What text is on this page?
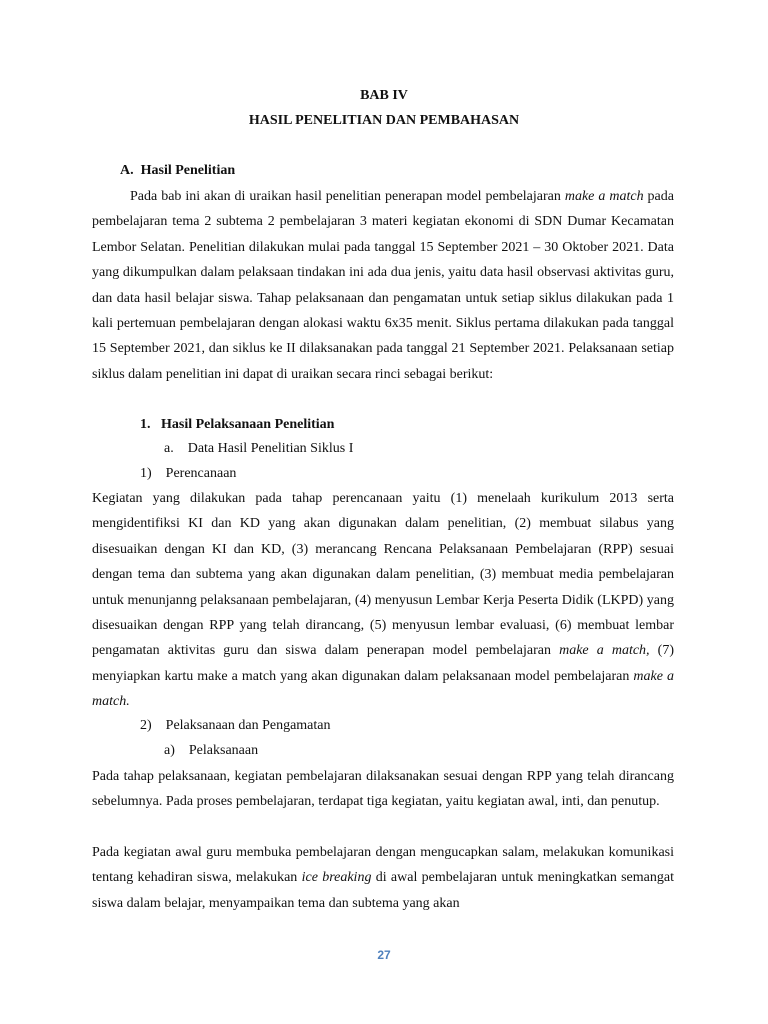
BAB IV
HASIL PENELITIAN DAN PEMBAHASAN
A. Hasil Penelitian

Pada bab ini akan di uraikan hasil penelitian penerapan model pembelajaran make a match pada pembelajaran tema 2 subtema 2 pembelajaran 3 materi kegiatan ekonomi di SDN Dumar Kecamatan Lembor Selatan. Penelitian dilakukan mulai pada tanggal 15 September 2021 – 30 Oktober 2021. Data yang dikumpulkan dalam pelaksaan tindakan ini ada dua jenis, yaitu data hasil observasi aktivitas guru, dan data hasil belajar siswa. Tahap pelaksanaan dan pengamatan untuk setiap siklus dilakukan pada 1 kali pertemuan pembelajaran dengan alokasi waktu 6x35 menit. Siklus pertama dilakukan pada tanggal 15 September 2021, dan siklus ke II dilaksanakan pada tanggal 21 September 2021. Pelaksanaan setiap siklus dalam penelitian ini dapat di uraikan secara rinci sebagai berikut:

1. Hasil Pelaksanaan Penelitian
a. Data Hasil Penelitian Siklus I
1) Perencanaan

Kegiatan yang dilakukan pada tahap perencanaan yaitu (1) menelaah kurikulum 2013 serta mengidentifiksi KI dan KD yang akan digunakan dalam penelitian, (2) membuat silabus yang disesuaikan dengan KI dan KD, (3) merancang Rencana Pelaksanaan Pembelajaran (RPP) sesuai dengan tema dan subtema yang akan digunakan dalam penelitian, (3) membuat media pembelajaran untuk menunjanng pelaksanaan pembelajaran, (4) menyusun Lembar Kerja Peserta Didik (LKPD) yang disesuaikan dengan RPP yang telah dirancang, (5) menyusun lembar evaluasi, (6) membuat lembar pengamatan aktivitas guru dan siswa dalam penerapan model pembelajaran make a match, (7) menyiapkan kartu make a match yang akan digunakan dalam pelaksanaan model pembelajaran make a match.

2) Pelaksanaan dan Pengamatan
a) Pelaksanaan

Pada tahap pelaksanaan, kegiatan pembelajaran dilaksanakan sesuai dengan RPP yang telah dirancang sebelumnya. Pada proses pembelajaran, terdapat tiga kegiatan, yaitu kegiatan awal, inti, dan penutup.

Pada kegiatan awal guru membuka pembelajaran dengan mengucapkan salam, melakukan komunikasi tentang kehadiran siswa, melakukan ice breaking di awal pembelajaran untuk meningkatkan semangat siswa dalam belajar, menyampaikan tema dan subtema yang akan

27
